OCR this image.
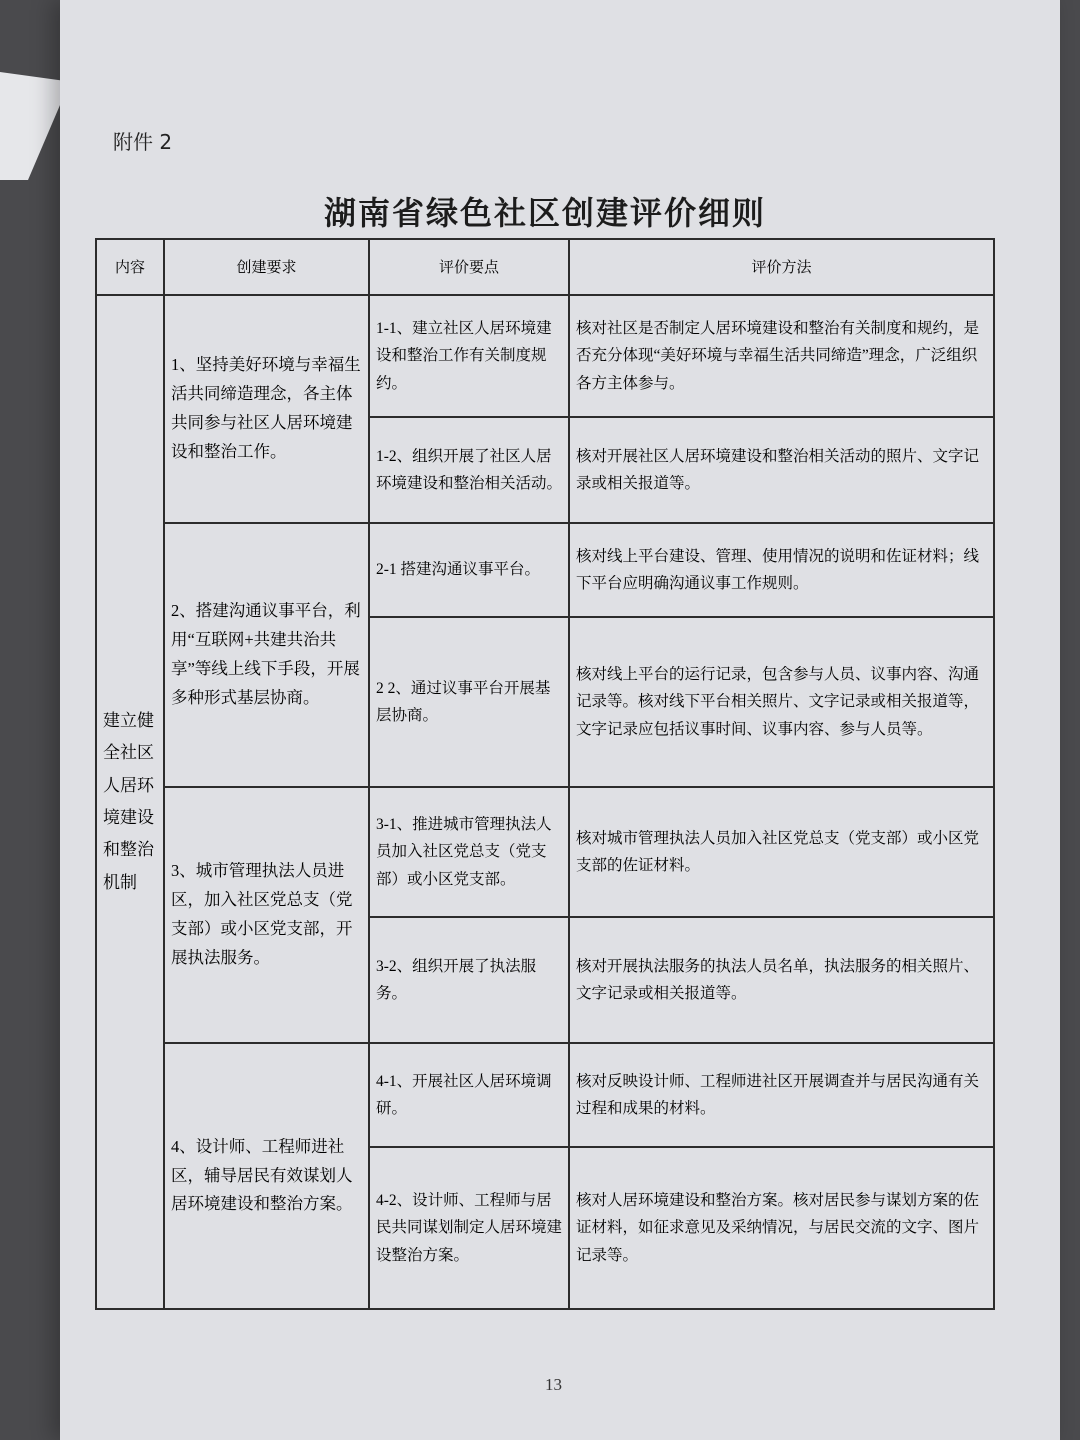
附件 2
湖南省绿色社区创建评价细则
内容	创建要求	评价要点	评价方法
建立健全社区人居环境建设和整治机制	1、坚持美好环境与幸福生活共同缔造理念，各主体共同参与社区人居环境建设和整治工作。	1-1、建立社区人居环境建设和整治工作有关制度规约。	核对社区是否制定人居环境建设和整治有关制度和规约，是否充分体现“美好环境与幸福生活共同缔造”理念，广泛组织各方主体参与。
		1-2、组织开展了社区人居环境建设和整治相关活动。	核对开展社区人居环境建设和整治相关活动的照片、文字记录或相关报道等。
	2、搭建沟通议事平台，利用“互联网+共建共治共享”等线上线下手段，开展多种形式基层协商。	2-1 搭建沟通议事平台。	核对线上平台建设、管理、使用情况的说明和佐证材料；线下平台应明确沟通议事工作规则。
		2 2、通过议事平台开展基层协商。	核对线上平台的运行记录，包含参与人员、议事内容、沟通记录等。核对线下平台相关照片、文字记录或相关报道等，文字记录应包括议事时间、议事内容、参与人员等。
	3、城市管理执法人员进区，加入社区党总支（党支部）或小区党支部，开展执法服务。	3-1、推进城市管理执法人员加入社区党总支（党支部）或小区党支部。	核对城市管理执法人员加入社区党总支（党支部）或小区党支部的佐证材料。
		3-2、组织开展了执法服务。	核对开展执法服务的执法人员名单，执法服务的相关照片、文字记录或相关报道等。
	4、设计师、工程师进社区，辅导居民有效谋划人居环境建设和整治方案。	4-1、开展社区人居环境调研。	核对反映设计师、工程师进社区开展调查并与居民沟通有关过程和成果的材料。
		4-2、设计师、工程师与居民共同谋划制定人居环境建设整治方案。	核对人居环境建设和整治方案。核对居民参与谋划方案的佐证材料，如征求意见及采纳情况，与居民交流的文字、图片记录等。
13
